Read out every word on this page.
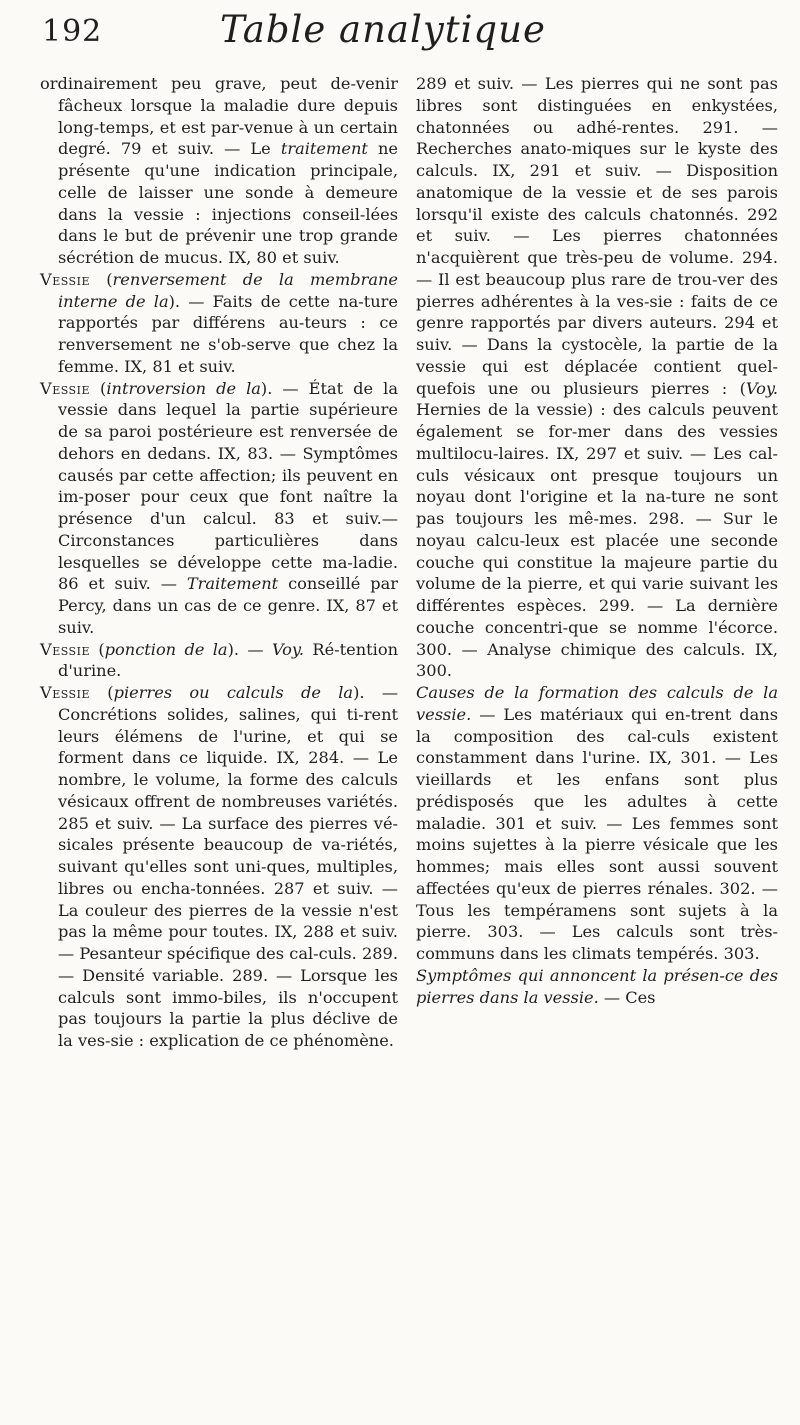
192	Table analytique

ordinairement peu grave, peut de-venir fâcheux lorsque la maladie dure depuis long-temps, et est par-venue à un certain degré. 79 et suiv. — Le traitement ne présente qu'une indication principale, celle de laisser une sonde à demeure dans la vessie : injections conseil-lées dans le but de prévenir une trop grande sécrétion de mucus. IX, 80 et suiv.

Vessie (renversement de la membrane interne de la). — Faits de cette na-ture rapportés par différens au-teurs : ce renversement ne s'ob-serve que chez la femme. IX, 81 et suiv.

Vessie (introversion de la). — État de la vessie dans lequel la partie supérieure de sa paroi postérieure est renversée de dehors en dedans. IX, 83. — Symptômes causés par cette affection; ils peuvent en im-poser pour ceux que font naître la présence d'un calcul. 83 et suiv.— Circonstances particulières dans lesquelles se développe cette ma-ladie. 86 et suiv. — Traitement conseillé par Percy, dans un cas de ce genre. IX, 87 et suiv.

Vessie (ponction de la). — Voy. Ré-tention d'urine.

Vessie (pierres ou calculs de la). — Concrétions solides, salines, qui ti-rent leurs élémens de l'urine, et qui se forment dans ce liquide. IX, 284. — Le nombre, le volume, la forme des calculs vésicaux offrent de nombreuses variétés. 285 et suiv. — La surface des pierres vé-sicales présente beaucoup de va-riétés, suivant qu'elles sont uni-ques, multiples, libres ou encha-tonnées. 287 et suiv. — La couleur des pierres de la vessie n'est pas la même pour toutes. IX, 288 et suiv. — Pesanteur spécifique des cal-culs. 289. — Densité variable. 289. — Lorsque les calculs sont immo-biles, ils n'occupent pas toujours la partie la plus déclive de la ves-sie : explication de ce phénomène.

289 et suiv. — Les pierres qui ne sont pas libres sont distinguées en enkystées, chatonnées ou adhé-rentes. 291. — Recherches anato-miques sur le kyste des calculs. IX, 291 et suiv. — Disposition anatomique de la vessie et de ses parois lorsqu'il existe des calculs chatonnés. 292 et suiv. — Les pierres chatonnées n'acquièrent que très-peu de volume. 294. — Il est beaucoup plus rare de trou-ver des pierres adhérentes à la ves-sie : faits de ce genre rapportés par divers auteurs. 294 et suiv. — Dans la cystocèle, la partie de la vessie qui est déplacée contient quel-quefois une ou plusieurs pierres : (Voy. Hernies de la vessie) : des calculs peuvent également se for-mer dans des vessies multilocu-laires. IX, 297 et suiv. — Les cal-culs vésicaux ont presque toujours un noyau dont l'origine et la na-ture ne sont pas toujours les mê-mes. 298. — Sur le noyau calcu-leux est placée une seconde couche qui constitue la majeure partie du volume de la pierre, et qui varie suivant les différentes espèces. 299. — La dernière couche concentri-que se nomme l'écorce. 300. — Analyse chimique des calculs. IX, 300.

Causes de la formation des calculs de la vessie. — Les matériaux qui en-trent dans la composition des cal-culs existent constamment dans l'urine. IX, 301. — Les vieillards et les enfans sont plus prédisposés que les adultes à cette maladie. 301 et suiv. — Les femmes sont moins sujettes à la pierre vésicale que les hommes; mais elles sont aussi souvent affectées qu'eux de pierres rénales. 302. — Tous les tempéramens sont sujets à la pierre. 303. — Les calculs sont très-communs dans les climats tempérés. 303.

Symptômes qui annoncent la présen-ce des pierres dans la vessie. — Ces
